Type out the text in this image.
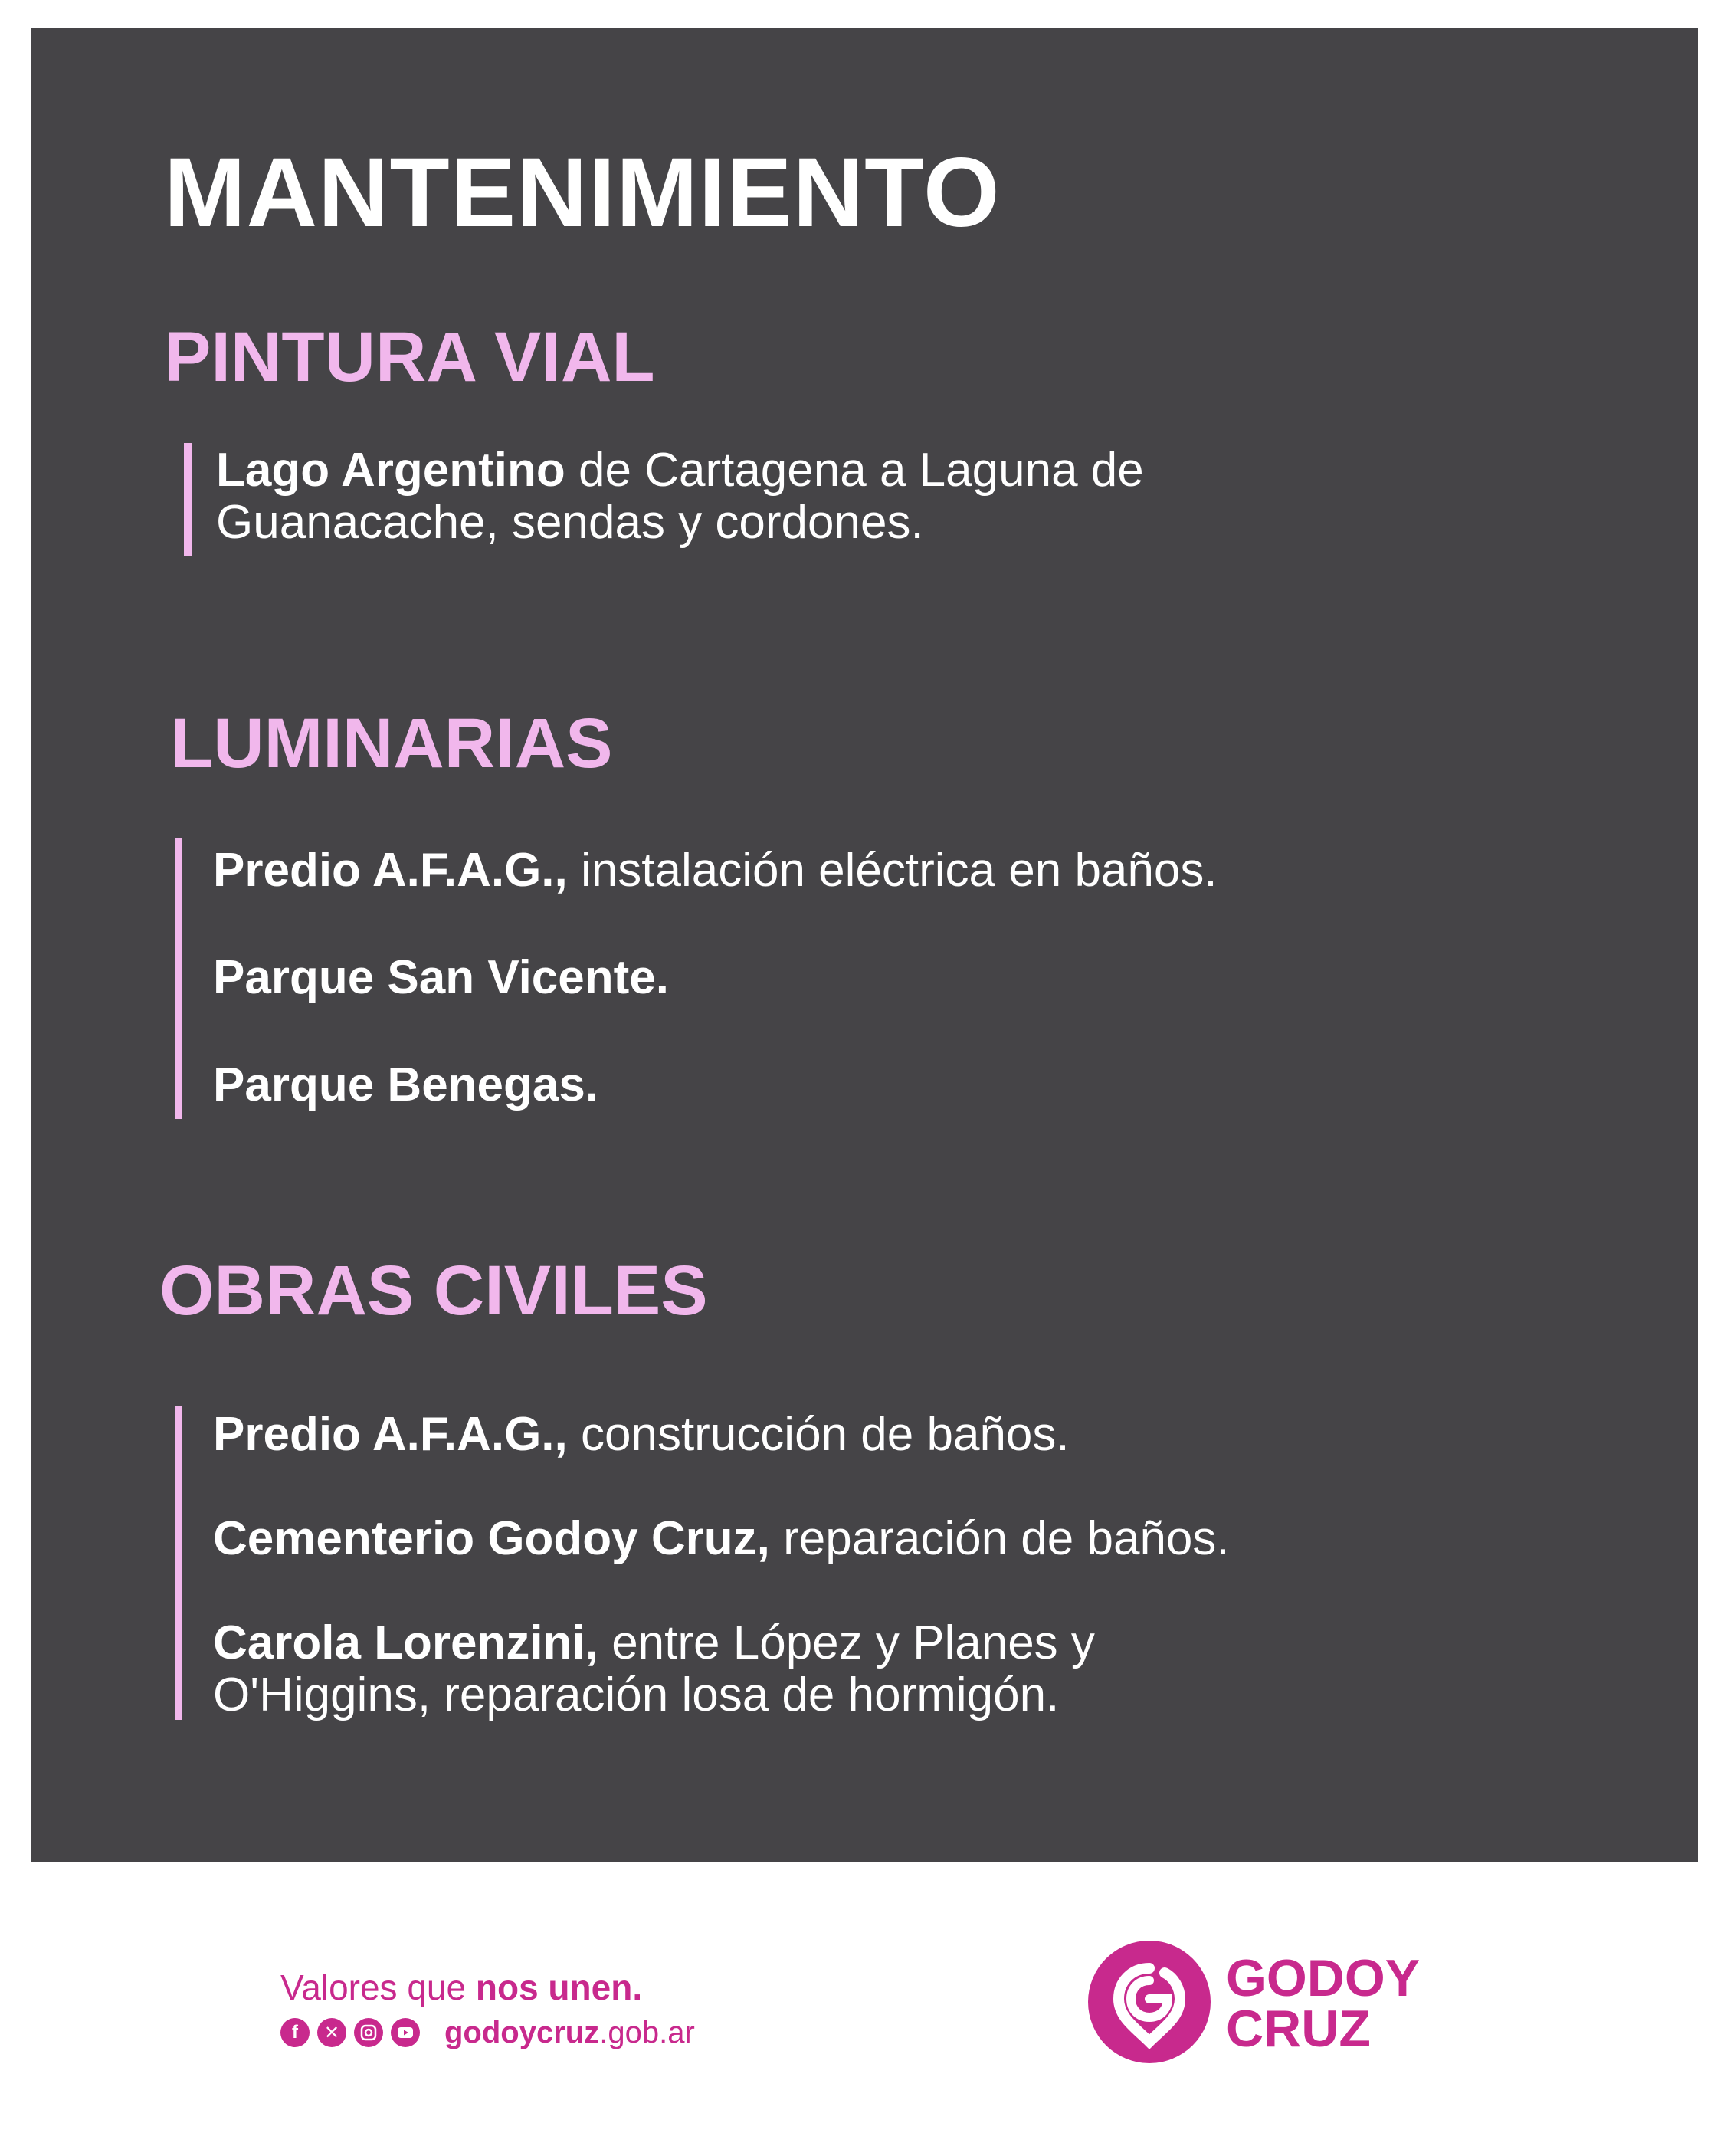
MANTENIMIENTO
PINTURA VIAL

Lago Argentino de Cartagena a Laguna de Guanacache, sendas y cordones.

LUMINARIAS

Predio A.F.A.G., instalación eléctrica en baños.

Parque San Vicente.

Parque Benegas.

OBRAS CIVILES

Predio A.F.A.G., construcción de baños.

Cementerio Godoy Cruz, reparación de baños.

Carola Lorenzini, entre López y Planes y O'Higgins, reparación losa de hormigón.

Valores que nos unen.
f	✕	godoycruz.gob.ar
GODOY
CRUZ
